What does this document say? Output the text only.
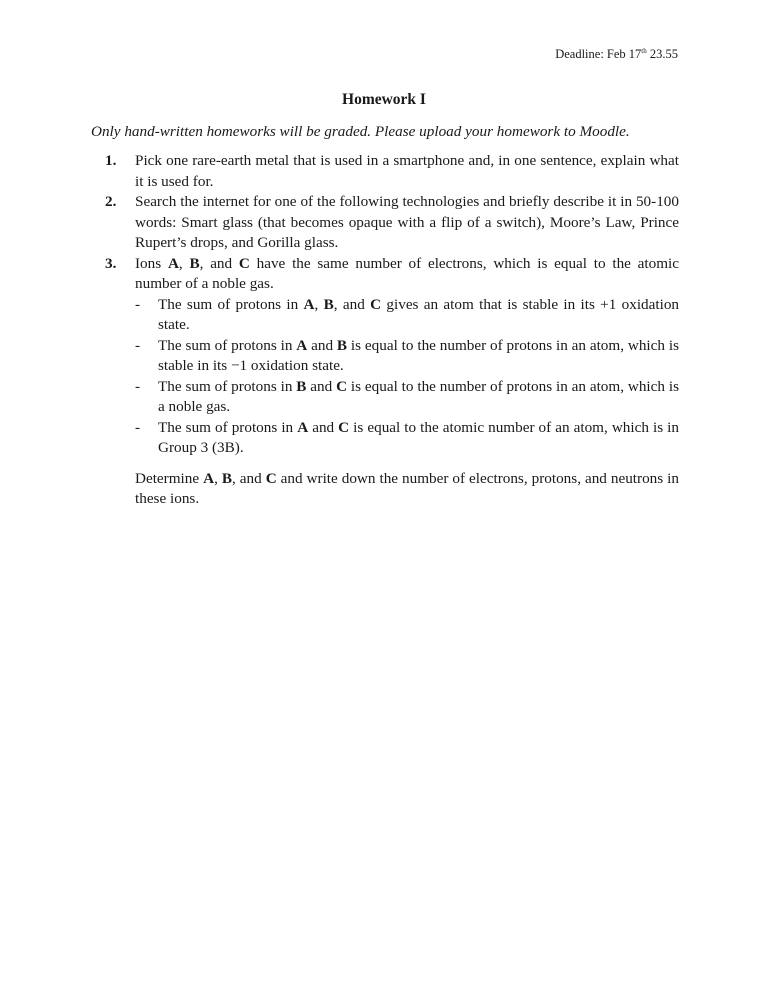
Deadline: Feb 17th 23.55
Homework I
Only hand-written homeworks will be graded. Please upload your homework to Moodle.
1. Pick one rare-earth metal that is used in a smartphone and, in one sentence, explain what it is used for.
2. Search the internet for one of the following technologies and briefly describe it in 50-100 words: Smart glass (that becomes opaque with a flip of a switch), Moore’s Law, Prince Rupert’s drops, and Gorilla glass.
3. Ions A, B, and C have the same number of electrons, which is equal to the atomic number of a noble gas.
- The sum of protons in A, B, and C gives an atom that is stable in its +1 oxidation state.
- The sum of protons in A and B is equal to the number of protons in an atom, which is stable in its −1 oxidation state.
- The sum of protons in B and C is equal to the number of protons in an atom, which is a noble gas.
- The sum of protons in A and C is equal to the atomic number of an atom, which is in Group 3 (3B).
Determine A, B, and C and write down the number of electrons, protons, and neutrons in these ions.
